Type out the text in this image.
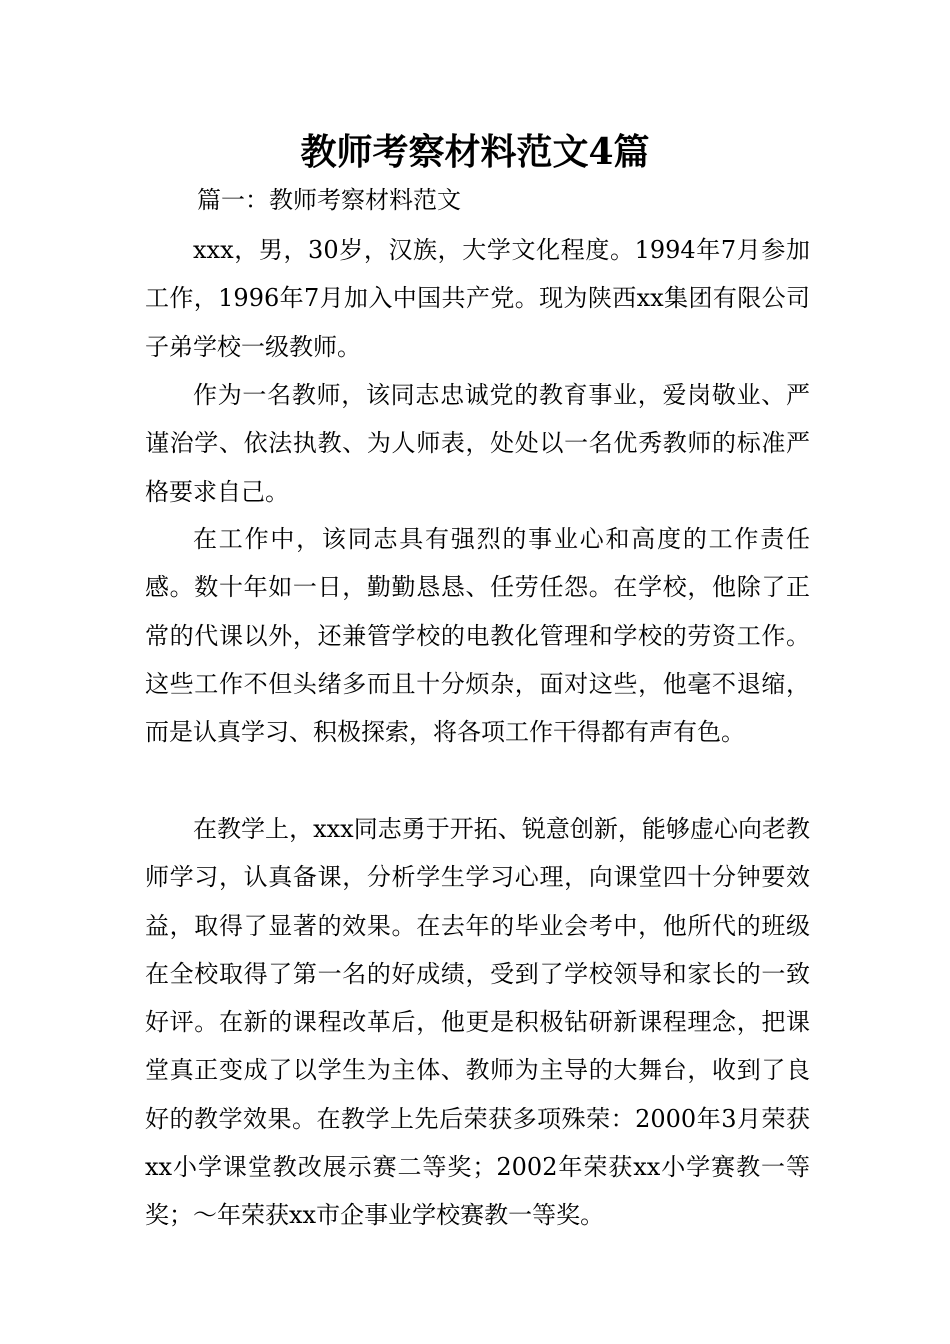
教师考察材料范文4篇
篇一：教师考察材料范文

xxx，男，30岁，汉族，大学文化程度。1994年7月参加工作，1996年7月加入中国共产党。现为陕西xx集团有限公司子弟学校一级教师。

作为一名教师，该同志忠诚党的教育事业，爱岗敬业、严谨治学、依法执教、为人师表，处处以一名优秀教师的标准严格要求自己。

在工作中，该同志具有强烈的事业心和高度的工作责任感。数十年如一日，勤勤恳恳、任劳任怨。在学校，他除了正常的代课以外，还兼管学校的电教化管理和学校的劳资工作。这些工作不但头绪多而且十分烦杂，面对这些，他毫不退缩，而是认真学习、积极探索，将各项工作干得都有声有色。

在教学上，xxx同志勇于开拓、锐意创新，能够虚心向老教师学习，认真备课，分析学生学习心理，向课堂四十分钟要效益，取得了显著的效果。在去年的毕业会考中，他所代的班级在全校取得了第一名的好成绩，受到了学校领导和家长的一致好评。在新的课程改革后，他更是积极钻研新课程理念，把课堂真正变成了以学生为主体、教师为主导的大舞台，收到了良好的教学效果。在教学上先后荣获多项殊荣：2000年3月荣获xx小学课堂教改展示赛二等奖；2002年荣获xx小学赛教一等奖；～年荣获xx市企事业学校赛教一等奖。
